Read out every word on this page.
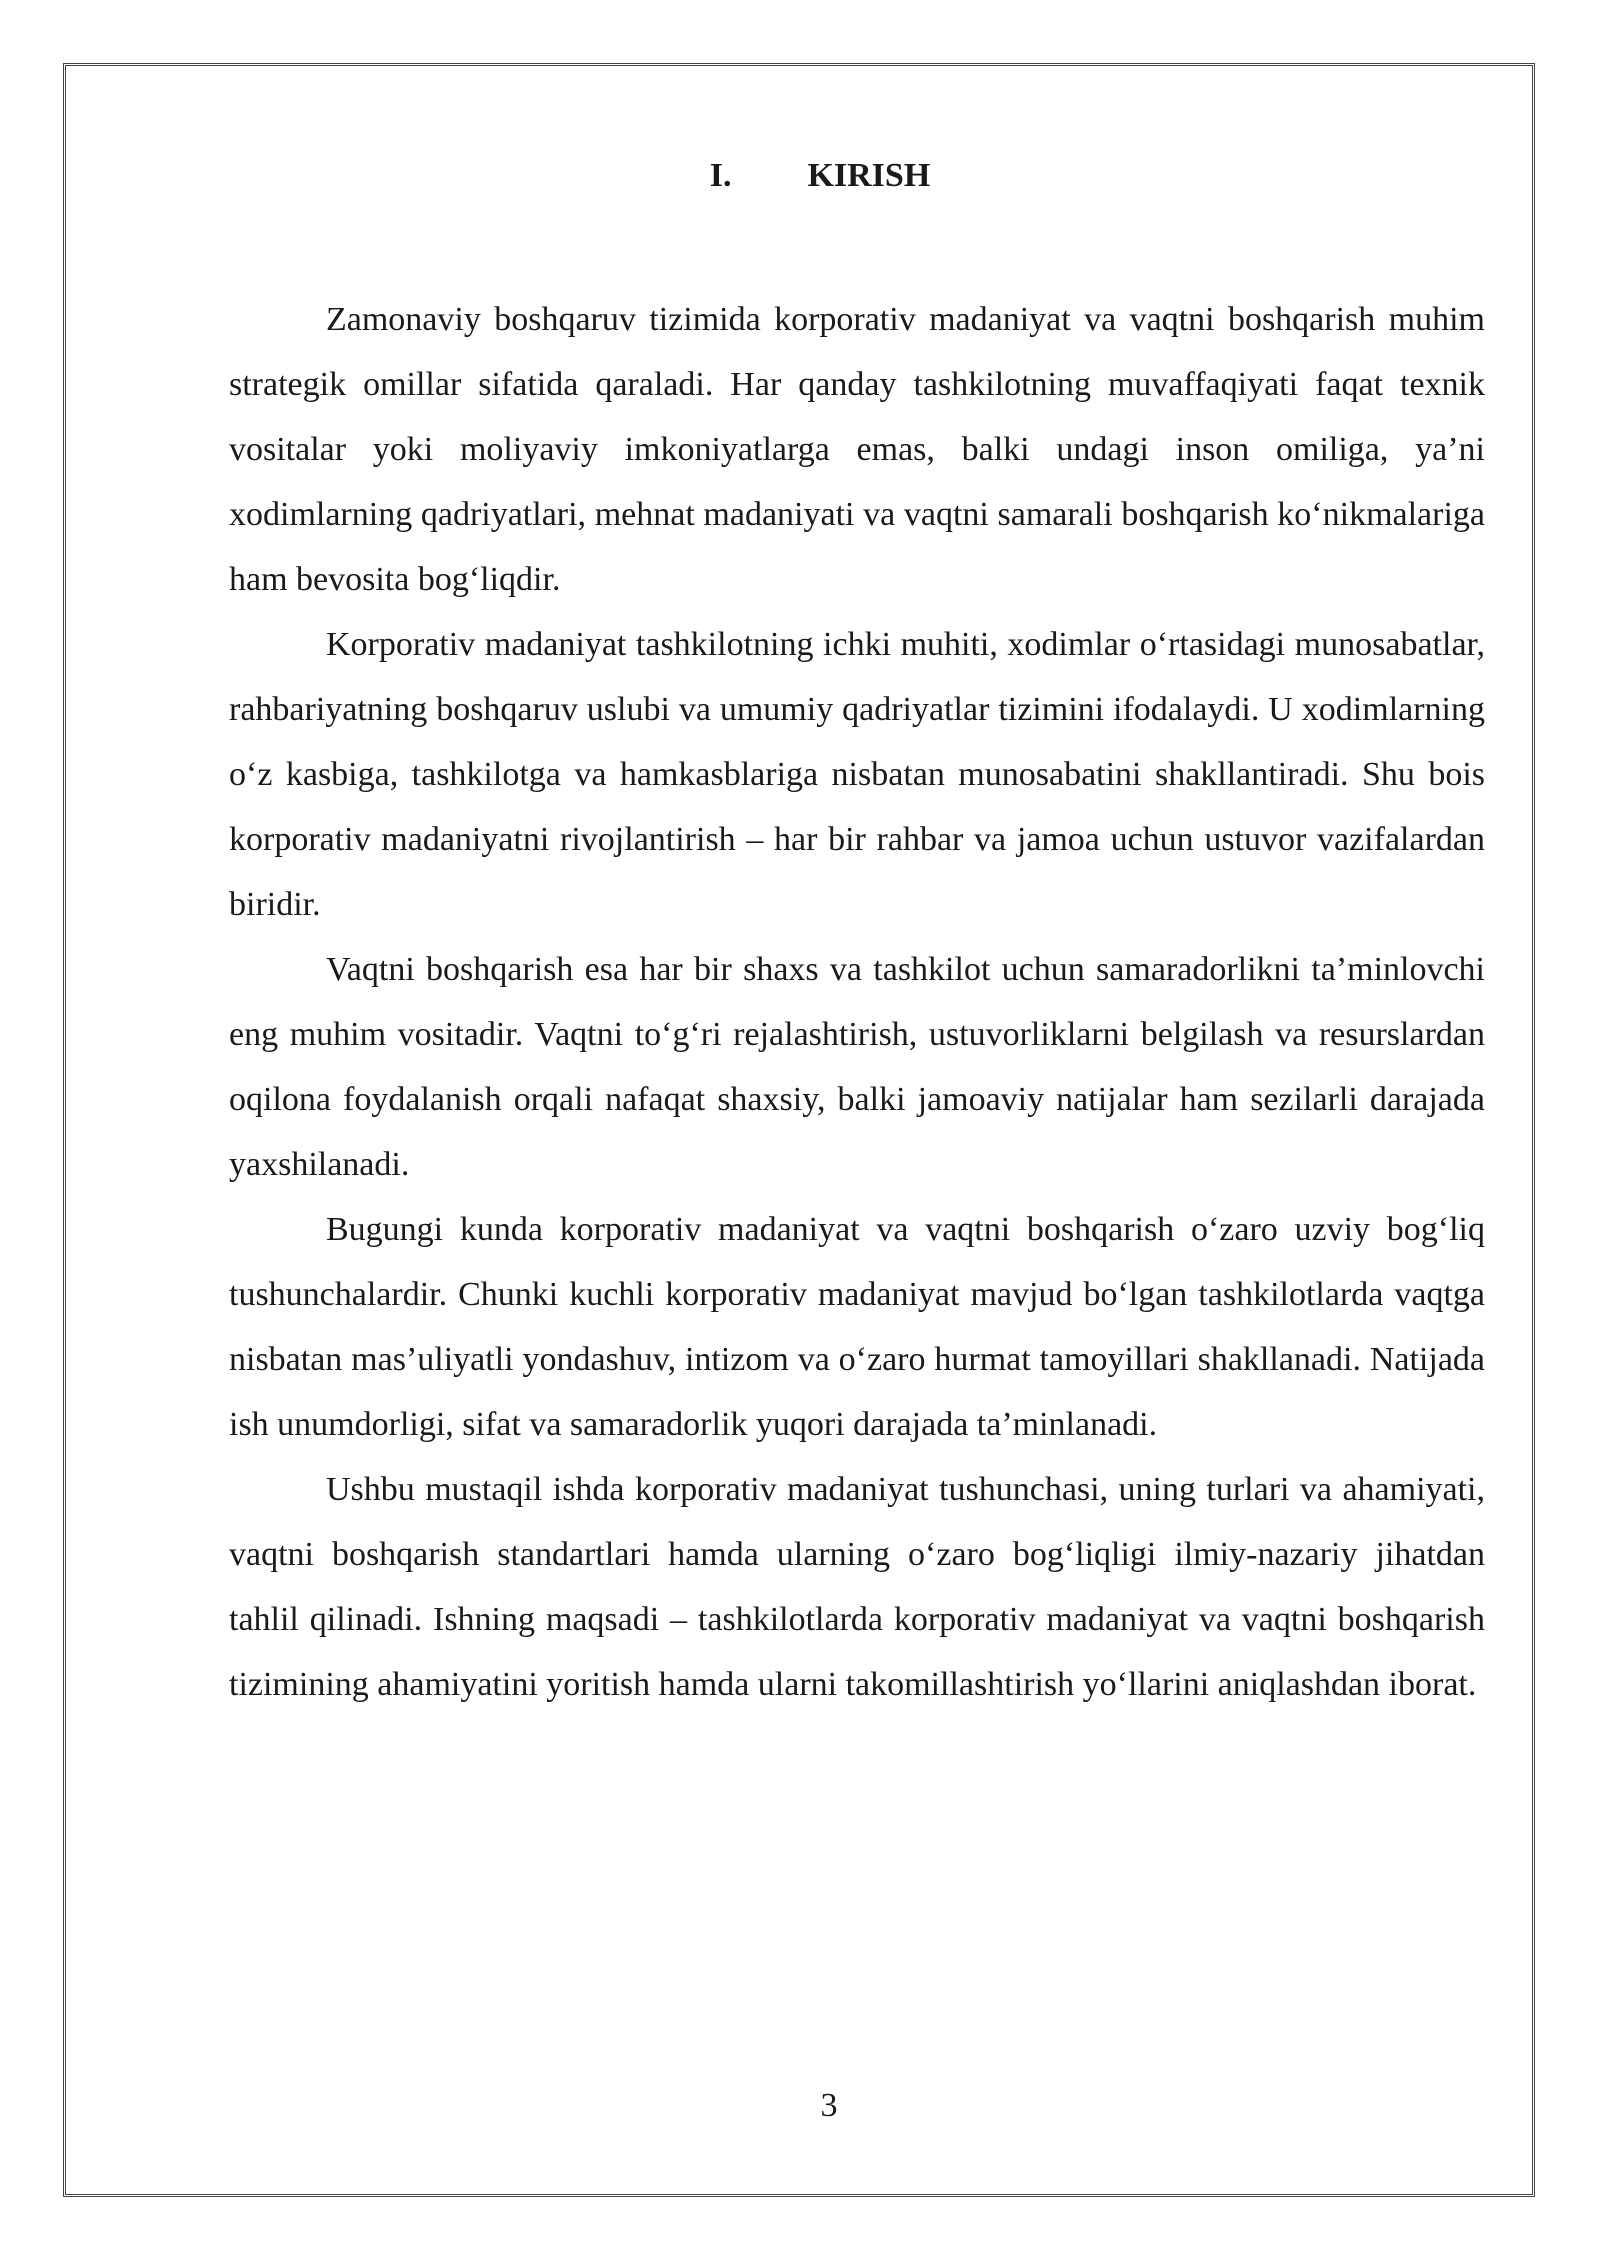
I. KIRISH

Zamonaviy boshqaruv tizimida korporativ madaniyat va vaqtni boshqarish muhim strategik omillar sifatida qaraladi. Har qanday tashkilotning muvaffaqiyati faqat texnik vositalar yoki moliyaviy imkoniyatlarga emas, balki undagi inson omiliga, ya’ni xodimlarning qadriyatlari, mehnat madaniyati va vaqtni samarali boshqarish ko‘nikmalariga ham bevosita bog‘liqdir.

Korporativ madaniyat tashkilotning ichki muhiti, xodimlar o‘rtasidagi munosabatlar, rahbariyatning boshqaruv uslubi va umumiy qadriyatlar tizimini ifodalaydi. U xodimlarning o‘z kasbiga, tashkilotga va hamkasblariga nisbatan munosabatini shakllantiradi. Shu bois korporativ madaniyatni rivojlantirish – har bir rahbar va jamoa uchun ustuvor vazifalardan biridir.

Vaqtni boshqarish esa har bir shaxs va tashkilot uchun samaradorlikni ta’minlovchi eng muhim vositadir. Vaqtni to‘g‘ri rejalashtirish, ustuvorliklarni belgilash va resurslardan oqilona foydalanish orqali nafaqat shaxsiy, balki jamoaviy natijalar ham sezilarli darajada yaxshilanadi.

Bugungi kunda korporativ madaniyat va vaqtni boshqarish o‘zaro uzviy bog‘liq tushunchalardir. Chunki kuchli korporativ madaniyat mavjud bo‘lgan tashkilotlarda vaqtga nisbatan mas’uliyatli yondashuv, intizom va o‘zaro hurmat tamoyillari shakllanadi. Natijada ish unumdorligi, sifat va samaradorlik yuqori darajada ta’minlanadi.

Ushbu mustaqil ishda korporativ madaniyat tushunchasi, uning turlari va ahamiyati, vaqtni boshqarish standartlari hamda ularning o‘zaro bog‘liqligi ilmiy-nazariy jihatdan tahlil qilinadi. Ishning maqsadi – tashkilotlarda korporativ madaniyat va vaqtni boshqarish tizimining ahamiyatini yoritish hamda ularni takomillashtirish yo‘llarini aniqlashdan iborat.

3
